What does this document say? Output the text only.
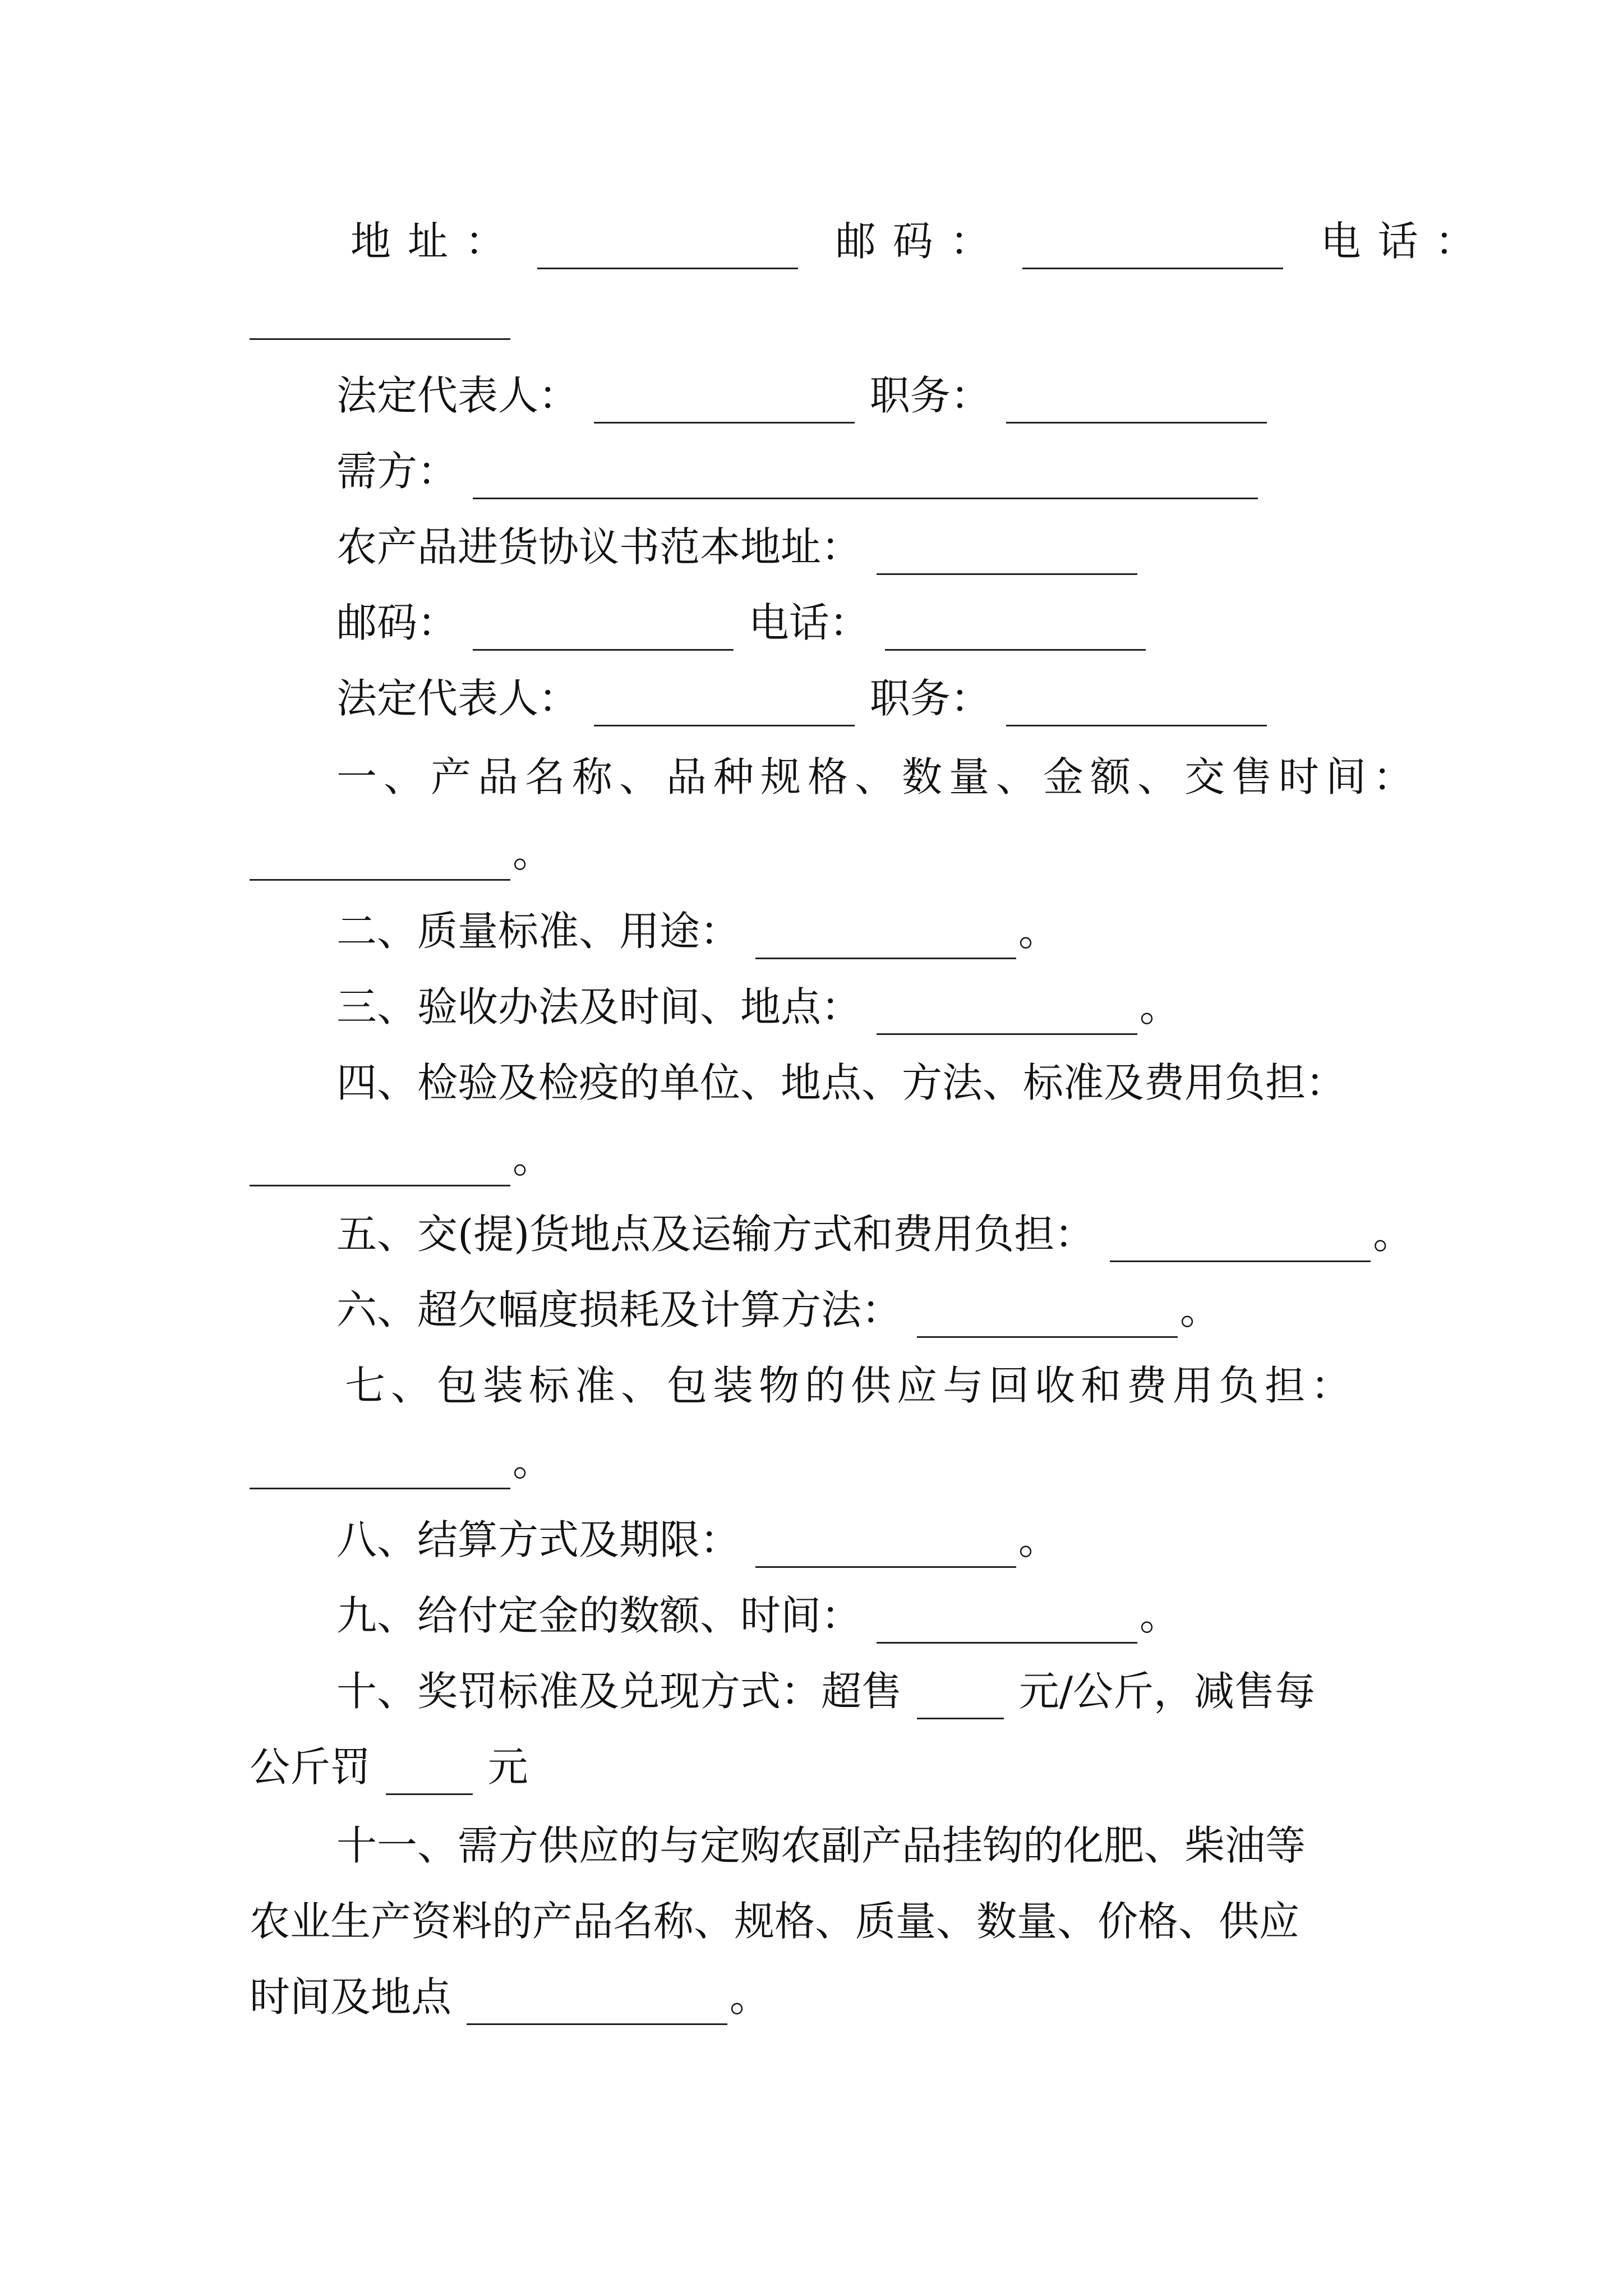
地址：	邮码：	电话：
法定代表人：	职务：
需方：
农产品进货协议书范本地址：
邮码：	电话：
法定代表人：	职务：
一、产品名称、品种规格、数量、金额、交售时间：
。
二、质量标准、用途：	。
三、验收办法及时间、地点：	。
四、检验及检疫的单位、地点、方法、标准及费用负担：
。
五、交(提)货地点及运输方式和费用负担：	。
六、超欠幅度损耗及计算方法：	。
七、包装标准、包装物的供应与回收和费用负担：
。
八、结算方式及期限：	。
九、给付定金的数额、时间：	。
十、奖罚标准及兑现方式：超售	元/公斤，减售每
公斤罚	元
十一、需方供应的与定购农副产品挂钩的化肥、柴油等
农业生产资料的产品名称、规格、质量、数量、价格、供应
时间及地点	。
